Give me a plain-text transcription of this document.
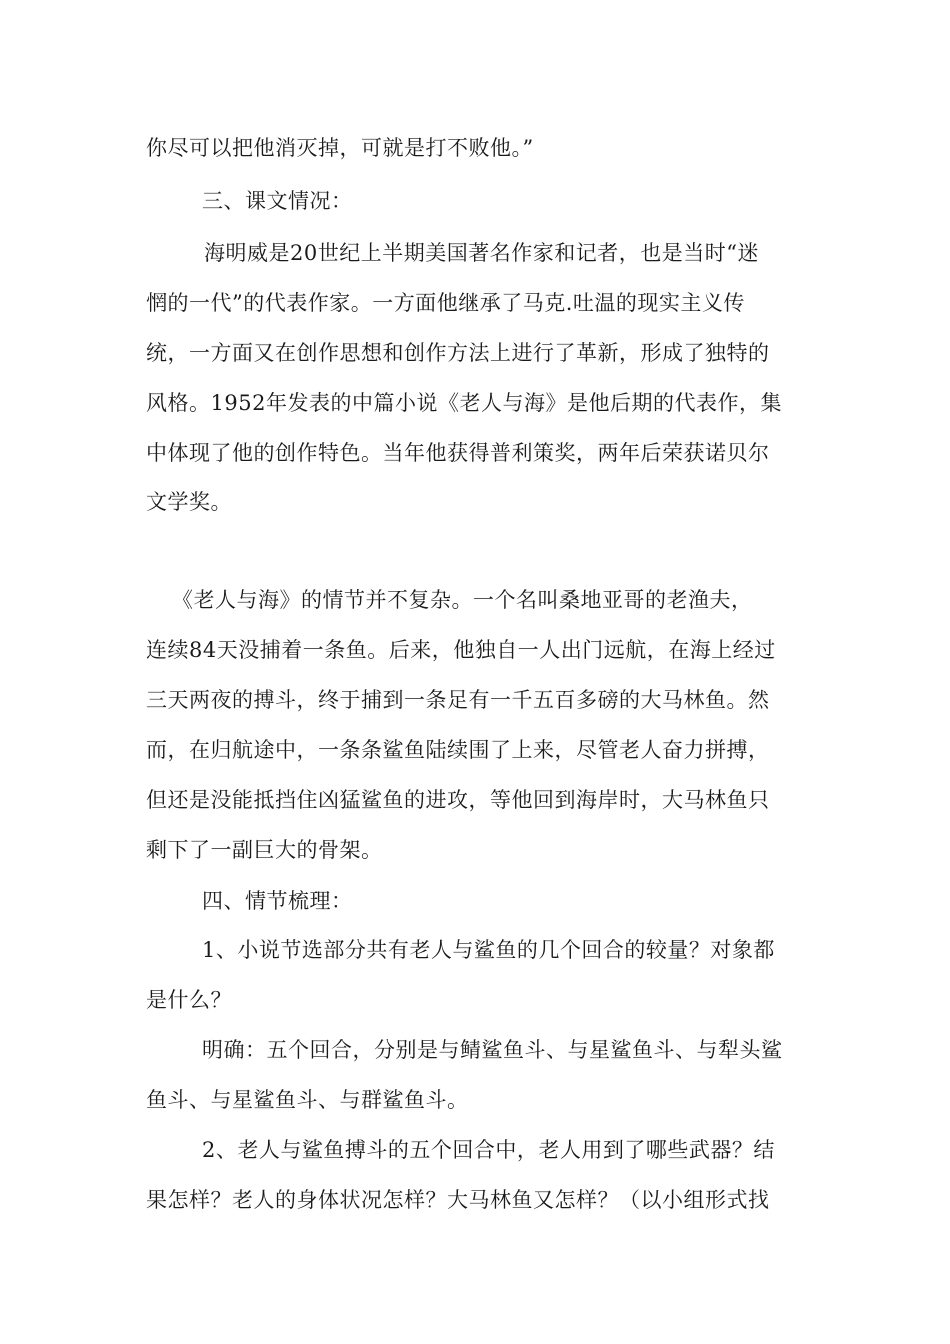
你尽可以把他消灭掉，可就是打不败他。”
三、课文情况：
海明威是20世纪上半期美国著名作家和记者，也是当时“迷
惘的一代”的代表作家。一方面他继承了马克.吐温的现实主义传
统，一方面又在创作思想和创作方法上进行了革新，形成了独特的
风格。1952年发表的中篇小说《老人与海》是他后期的代表作，集
中体现了他的创作特色。当年他获得普利策奖，两年后荣获诺贝尔
文学奖。
《老人与海》的情节并不复杂。一个名叫桑地亚哥的老渔夫，
连续84天没捕着一条鱼。后来，他独自一人出门远航，在海上经过
三天两夜的搏斗，终于捕到一条足有一千五百多磅的大马林鱼。然
而，在归航途中，一条条鲨鱼陆续围了上来，尽管老人奋力拼搏，
但还是没能抵挡住凶猛鲨鱼的进攻，等他回到海岸时，大马林鱼只
剩下了一副巨大的骨架。
四、情节梳理：
1、小说节选部分共有老人与鲨鱼的几个回合的较量？对象都
是什么？
明确：五个回合，分别是与鲭鲨鱼斗、与星鲨鱼斗、与犁头鲨
鱼斗、与星鲨鱼斗、与群鲨鱼斗。
2、老人与鲨鱼搏斗的五个回合中，老人用到了哪些武器？结
果怎样？老人的身体状况怎样？大马林鱼又怎样？（以小组形式找
